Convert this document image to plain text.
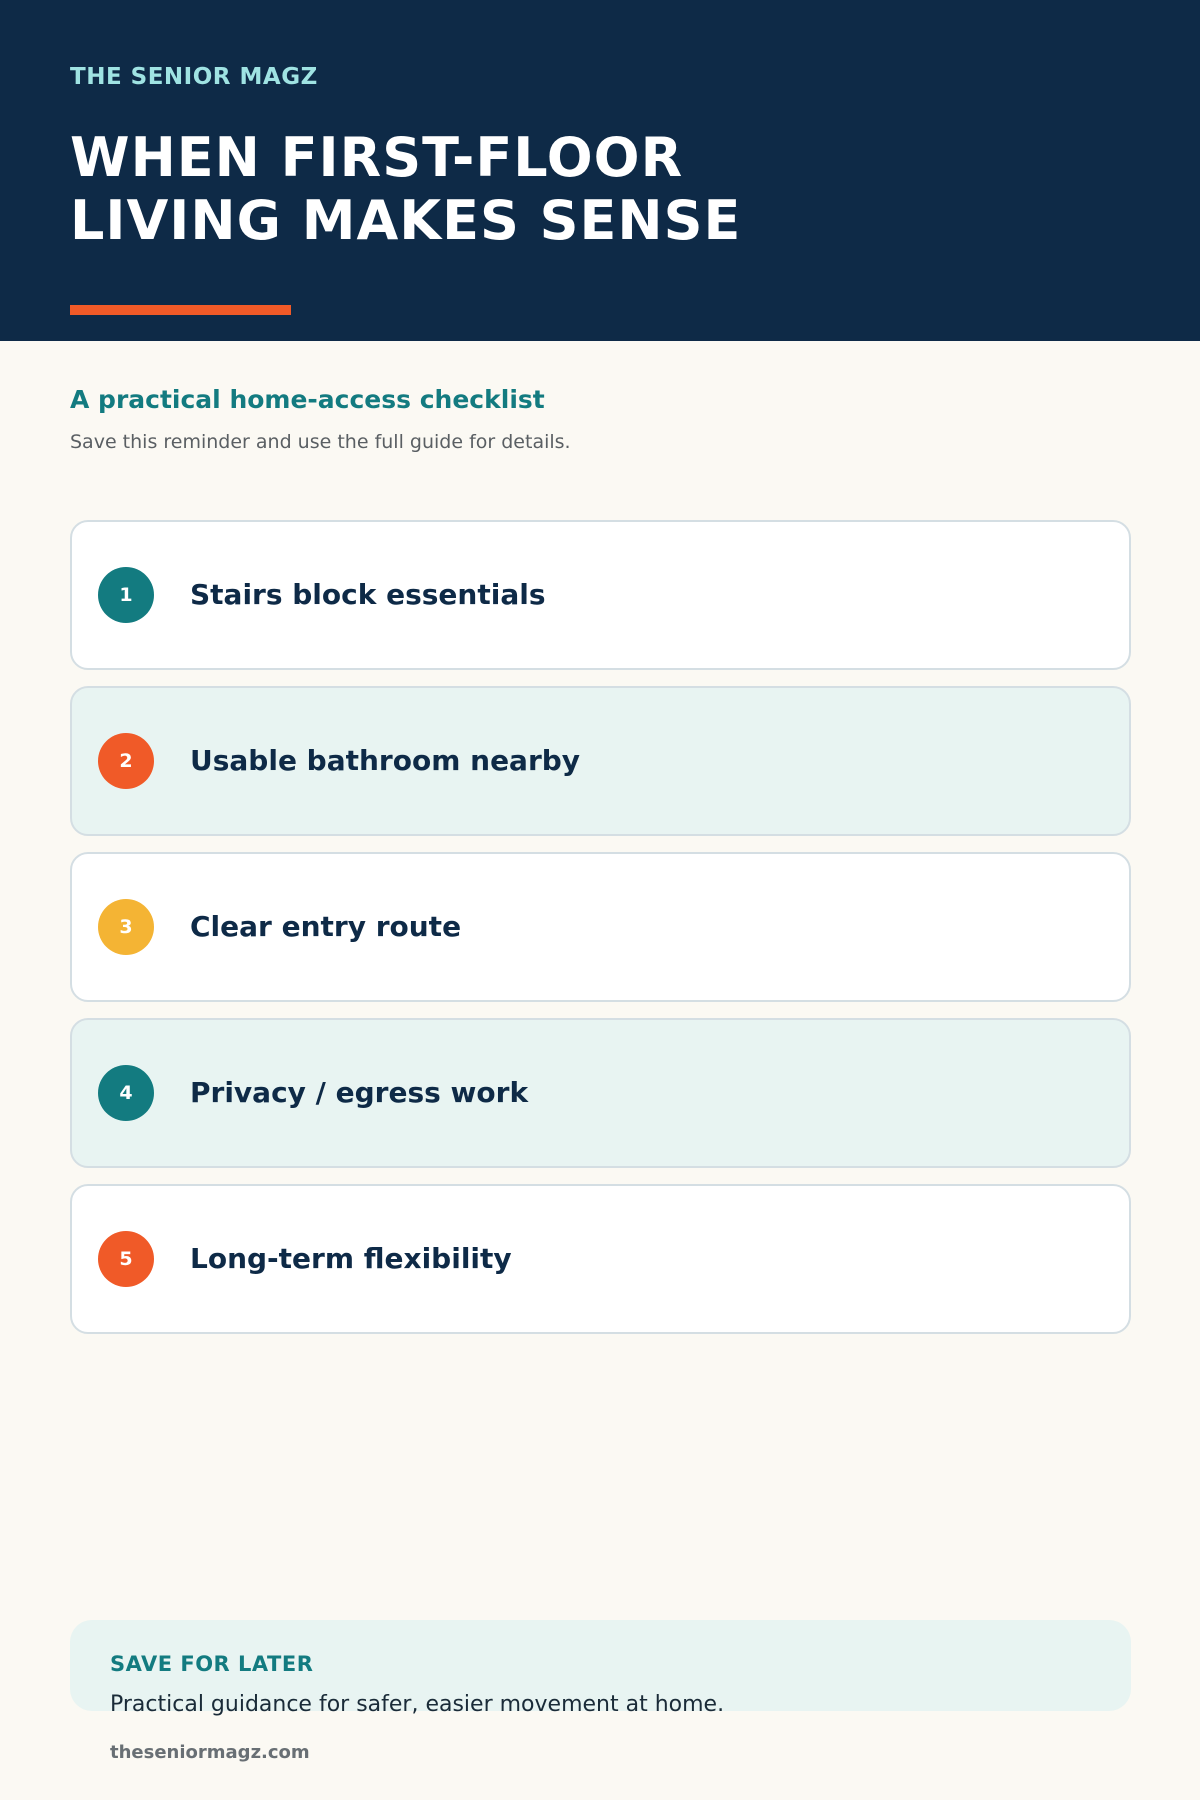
THE SENIOR MAGZ
WHEN FIRST-FLOOR
LIVING MAKES SENSE
A practical home-access checklist
Save this reminder and use the full guide for details.
1	Stairs block essentials
2	Usable bathroom nearby
3	Clear entry route
4	Privacy / egress work
5	Long-term flexibility
SAVE FOR LATER
Practical guidance for safer, easier movement at home.
theseniormagz.com
